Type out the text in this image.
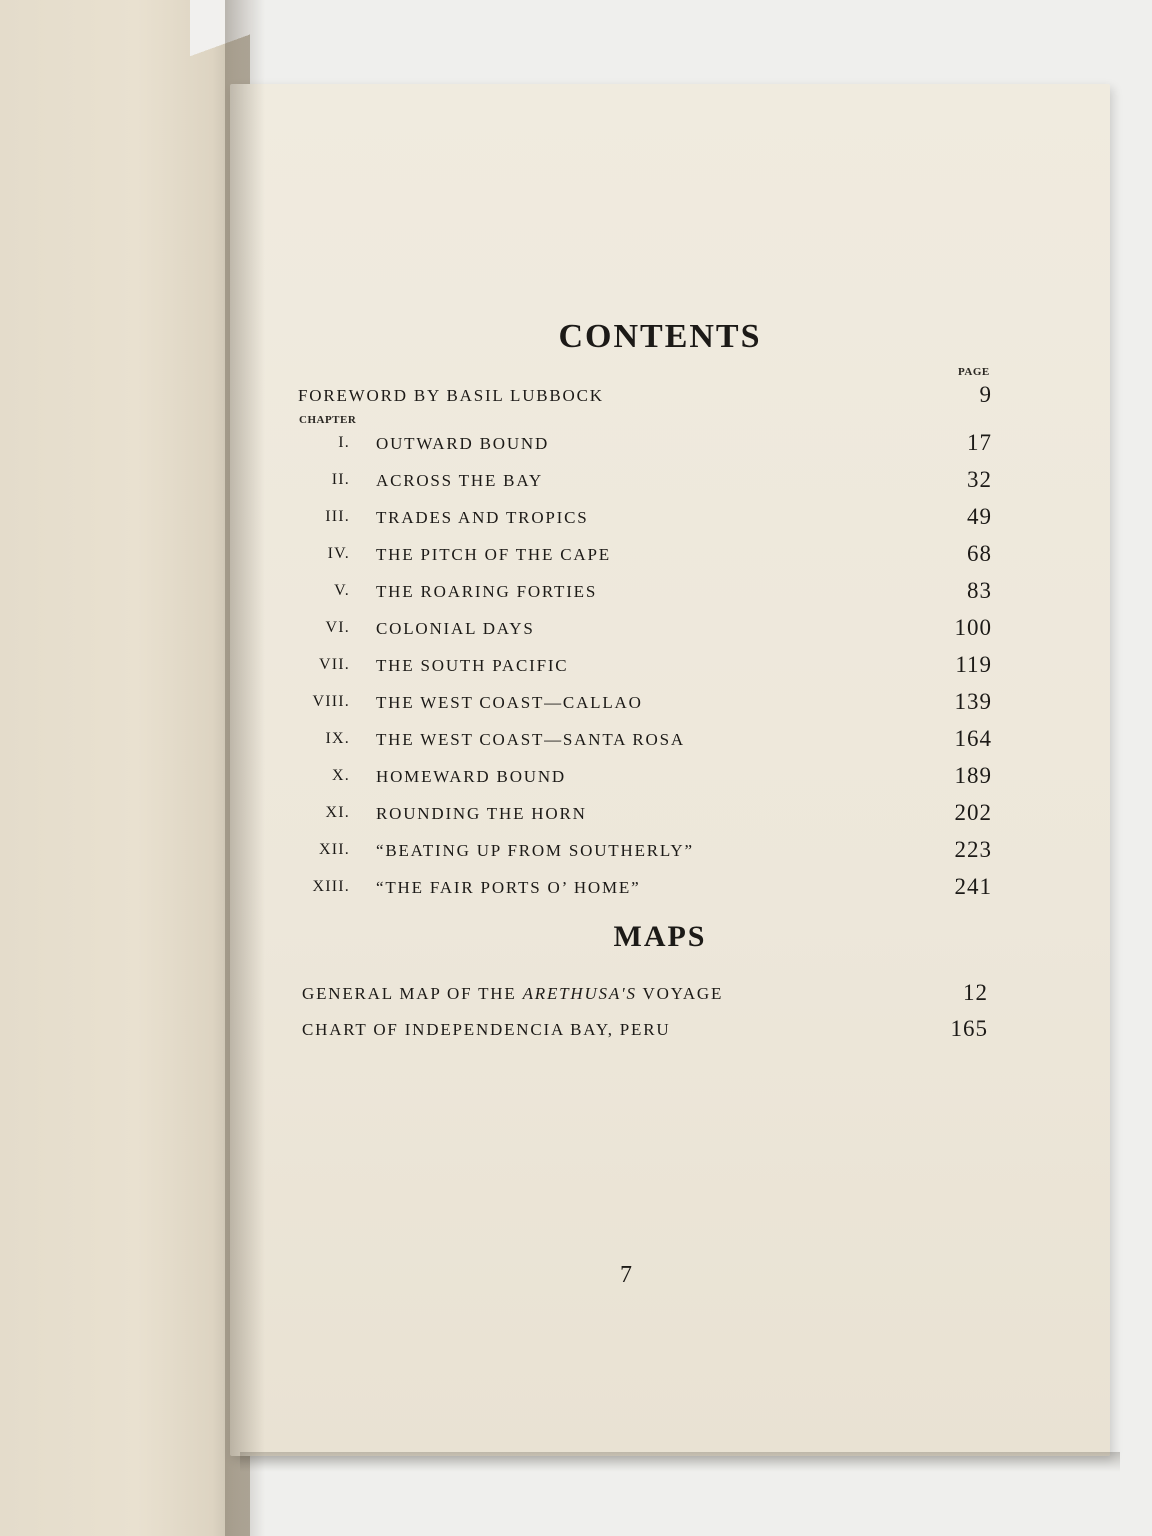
CONTENTS
PAGE
FOREWORD BY BASIL LUBBOCK	9
CHAPTER
I. OUTWARD BOUND	17
II. ACROSS THE BAY	32
III. TRADES AND TROPICS	49
IV. THE PITCH OF THE CAPE	68
V. THE ROARING FORTIES	83
VI. COLONIAL DAYS	100
VII. THE SOUTH PACIFIC	119
VIII. THE WEST COAST—CALLAO	139
IX. THE WEST COAST—SANTA ROSA	164
X. HOMEWARD BOUND	189
XI. ROUNDING THE HORN	202
XII. “BEATING UP FROM SOUTHERLY”	223
XIII. “THE FAIR PORTS O’ HOME”	241
MAPS
GENERAL MAP OF THE ARETHUSA'S VOYAGE	12
CHART OF INDEPENDENCIA BAY, PERU	165
7
